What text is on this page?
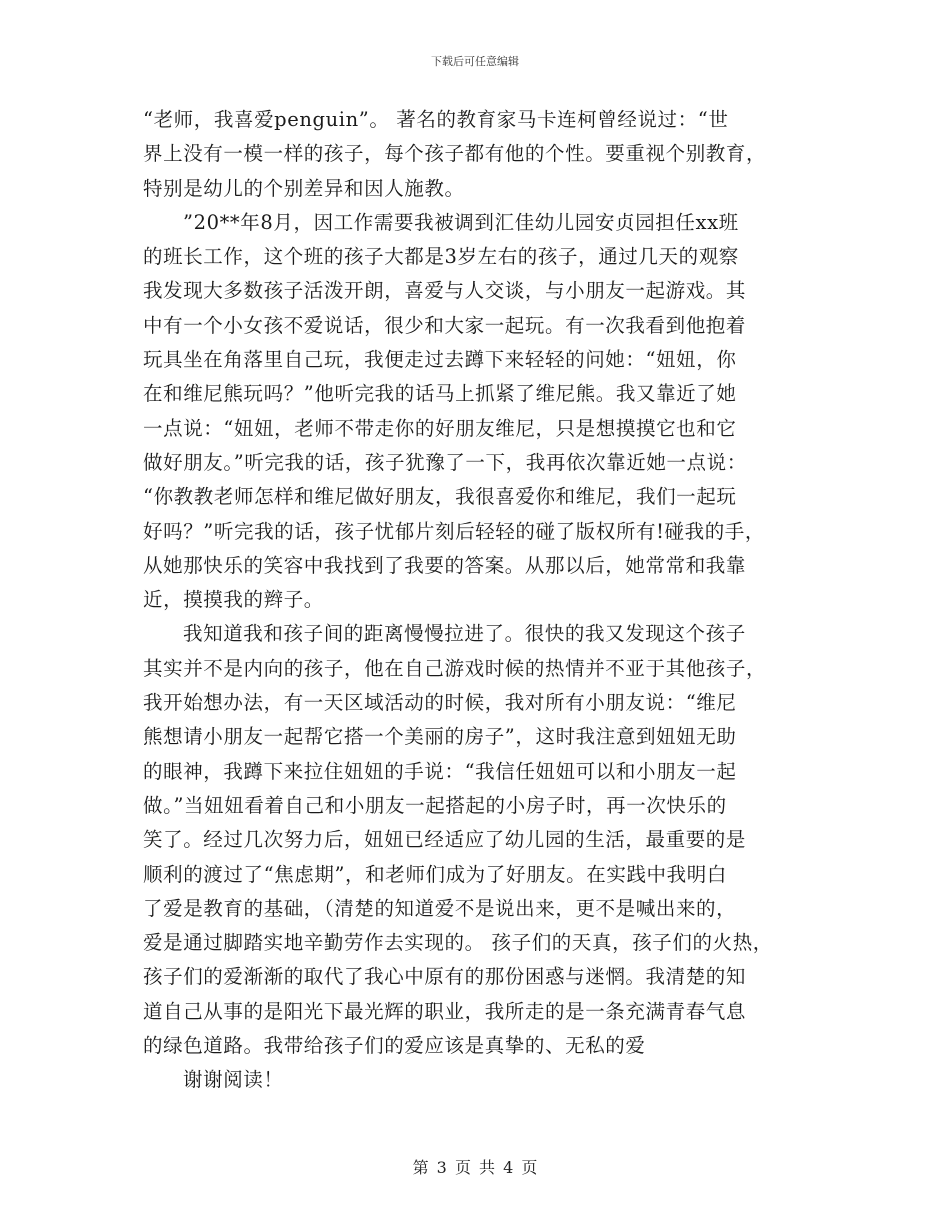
下载后可任意编辑
“老师，我喜爱penguin”。 著名的教育家马卡连柯曾经说过：“世
界上没有一模一样的孩子，每个孩子都有他的个性。要重视个别教育，
特别是幼儿的个别差异和因人施教。
”20**年8月，因工作需要我被调到汇佳幼儿园安贞园担任xx班
的班长工作，这个班的孩子大都是3岁左右的孩子，通过几天的观察
我发现大多数孩子活泼开朗，喜爱与人交谈，与小朋友一起游戏。其
中有一个小女孩不爱说话，很少和大家一起玩。有一次我看到他抱着
玩具坐在角落里自己玩，我便走过去蹲下来轻轻的问她：“妞妞，你
在和维尼熊玩吗？”他听完我的话马上抓紧了维尼熊。我又靠近了她
一点说：“妞妞，老师不带走你的好朋友维尼，只是想摸摸它也和它
做好朋友。”听完我的话，孩子犹豫了一下，我再依次靠近她一点说：
“你教教老师怎样和维尼做好朋友，我很喜爱你和维尼，我们一起玩
好吗？”听完我的话，孩子忧郁片刻后轻轻的碰了版权所有!碰我的手，
从她那快乐的笑容中我找到了我要的答案。从那以后，她常常和我靠
近，摸摸我的辫子。
我知道我和孩子间的距离慢慢拉进了。很快的我又发现这个孩子
其实并不是内向的孩子，他在自己游戏时候的热情并不亚于其他孩子，
我开始想办法，有一天区域活动的时候，我对所有小朋友说：“维尼
熊想请小朋友一起帮它搭一个美丽的房子”，这时我注意到妞妞无助
的眼神，我蹲下来拉住妞妞的手说：“我信任妞妞可以和小朋友一起
做。”当妞妞看着自己和小朋友一起搭起的小房子时，再一次快乐的
笑了。经过几次努力后，妞妞已经适应了幼儿园的生活，最重要的是
顺利的渡过了“焦虑期”，和老师们成为了好朋友。在实践中我明白
了爱是教育的基础，（清楚的知道爱不是说出来，更不是喊出来的，
爱是通过脚踏实地辛勤劳作去实现的。 孩子们的天真，孩子们的火热，
孩子们的爱渐渐的取代了我心中原有的那份困惑与迷惘。我清楚的知
道自己从事的是阳光下最光辉的职业，我所走的是一条充满青春气息
的绿色道路。我带给孩子们的爱应该是真挚的、无私的爱
谢谢阅读！
第 3 页 共 4 页
